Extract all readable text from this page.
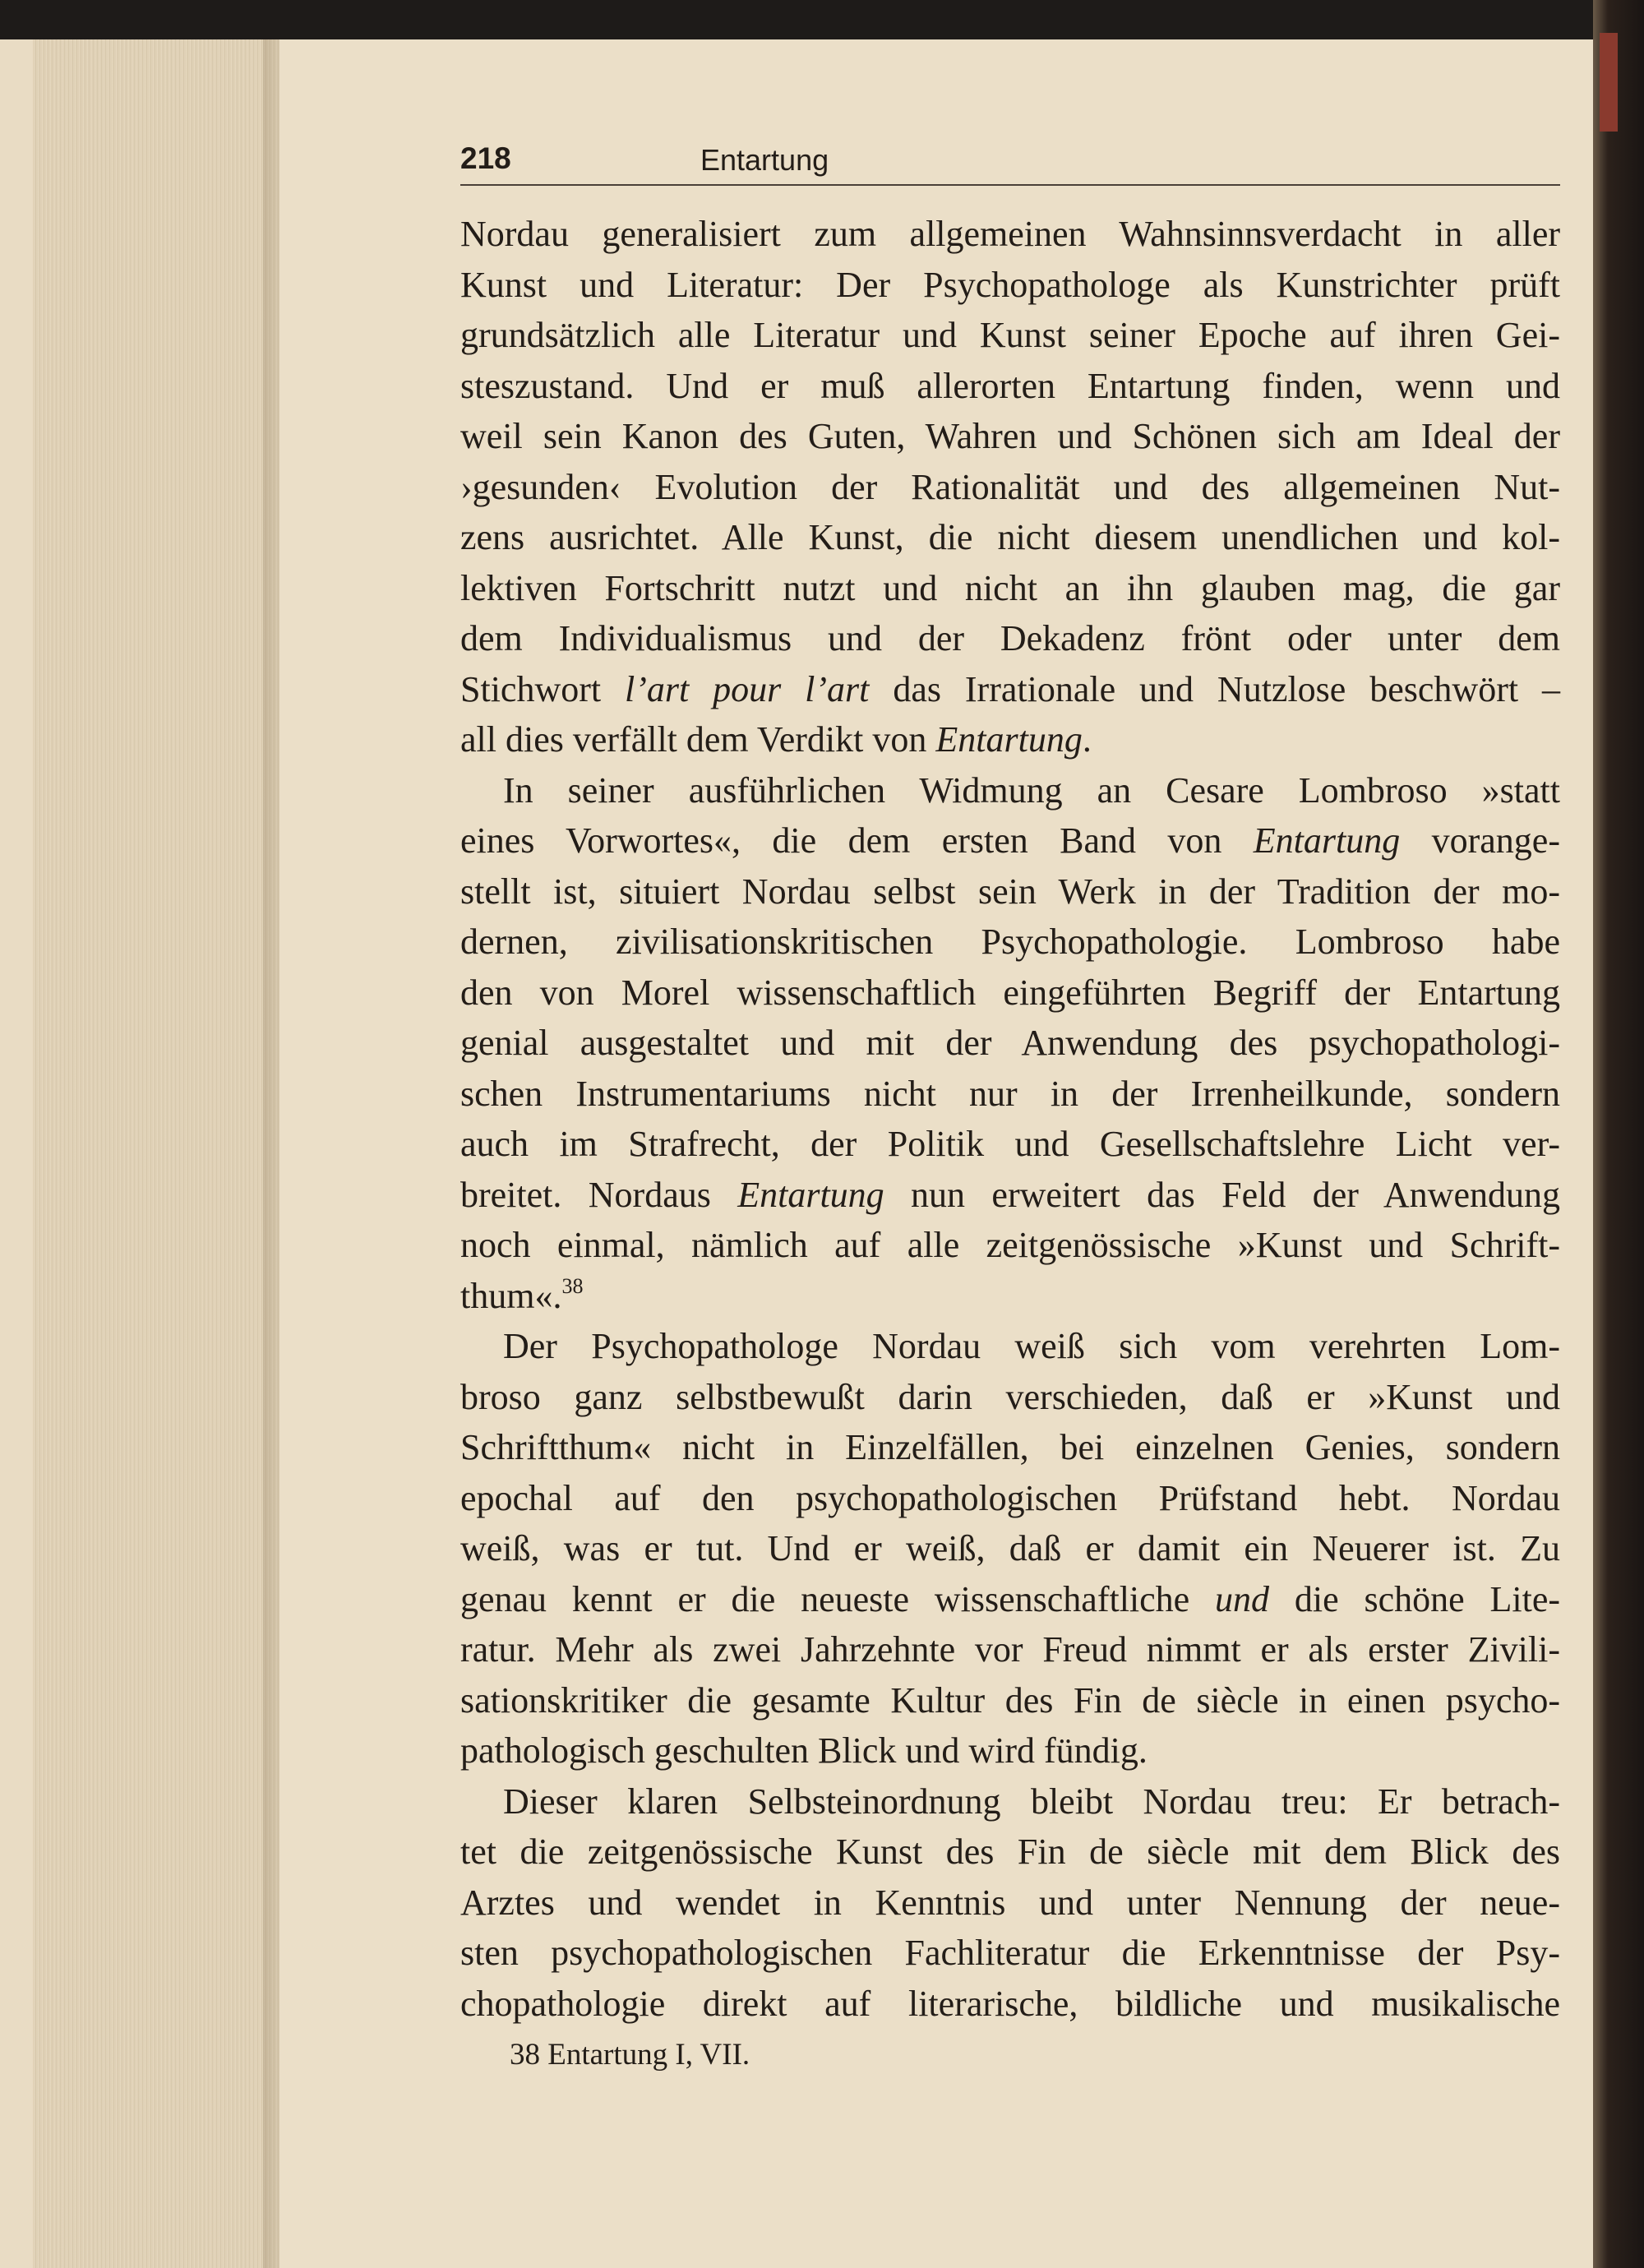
218	Entartung
Nordau generalisiert zum allgemeinen Wahnsinnsverdacht in aller
Kunst und Literatur: Der Psychopathologe als Kunstrichter prüft
grundsätzlich alle Literatur und Kunst seiner Epoche auf ihren Gei-
steszustand. Und er muß allerorten Entartung finden, wenn und
weil sein Kanon des Guten, Wahren und Schönen sich am Ideal der
›gesunden‹ Evolution der Rationalität und des allgemeinen Nut-
zens ausrichtet. Alle Kunst, die nicht diesem unendlichen und kol-
lektiven Fortschritt nutzt und nicht an ihn glauben mag, die gar
dem Individualismus und der Dekadenz frönt oder unter dem
Stichwort l’art pour l’art das Irrationale und Nutzlose beschwört –
all dies verfällt dem Verdikt von Entartung.
In seiner ausführlichen Widmung an Cesare Lombroso »statt
eines Vorwortes«, die dem ersten Band von Entartung vorange-
stellt ist, situiert Nordau selbst sein Werk in der Tradition der mo-
dernen, zivilisationskritischen Psychopathologie. Lombroso habe
den von Morel wissenschaftlich eingeführten Begriff der Entartung
genial ausgestaltet und mit der Anwendung des psychopathologi-
schen Instrumentariums nicht nur in der Irrenheilkunde, sondern
auch im Strafrecht, der Politik und Gesellschaftslehre Licht ver-
breitet. Nordaus Entartung nun erweitert das Feld der Anwendung
noch einmal, nämlich auf alle zeitgenössische »Kunst und Schrift-
thum«.$^{38}$
Der Psychopathologe Nordau weiß sich vom verehrten Lom-
broso ganz selbstbewußt darin verschieden, daß er »Kunst und
Schriftthum« nicht in Einzelfällen, bei einzelnen Genies, sondern
epochal auf den psychopathologischen Prüfstand hebt. Nordau
weiß, was er tut. Und er weiß, daß er damit ein Neuerer ist. Zu
genau kennt er die neueste wissenschaftliche und die schöne Lite-
ratur. Mehr als zwei Jahrzehnte vor Freud nimmt er als erster Zivili-
sationskritiker die gesamte Kultur des Fin de siècle in einen psycho-
pathologisch geschulten Blick und wird fündig.
Dieser klaren Selbsteinordnung bleibt Nordau treu: Er betrach-
tet die zeitgenössische Kunst des Fin de siècle mit dem Blick des
Arztes und wendet in Kenntnis und unter Nennung der neue-
sten psychopathologischen Fachliteratur die Erkenntnisse der Psy-
chopathologie direkt auf literarische, bildliche und musikalische
38 Entartung I, VII.
